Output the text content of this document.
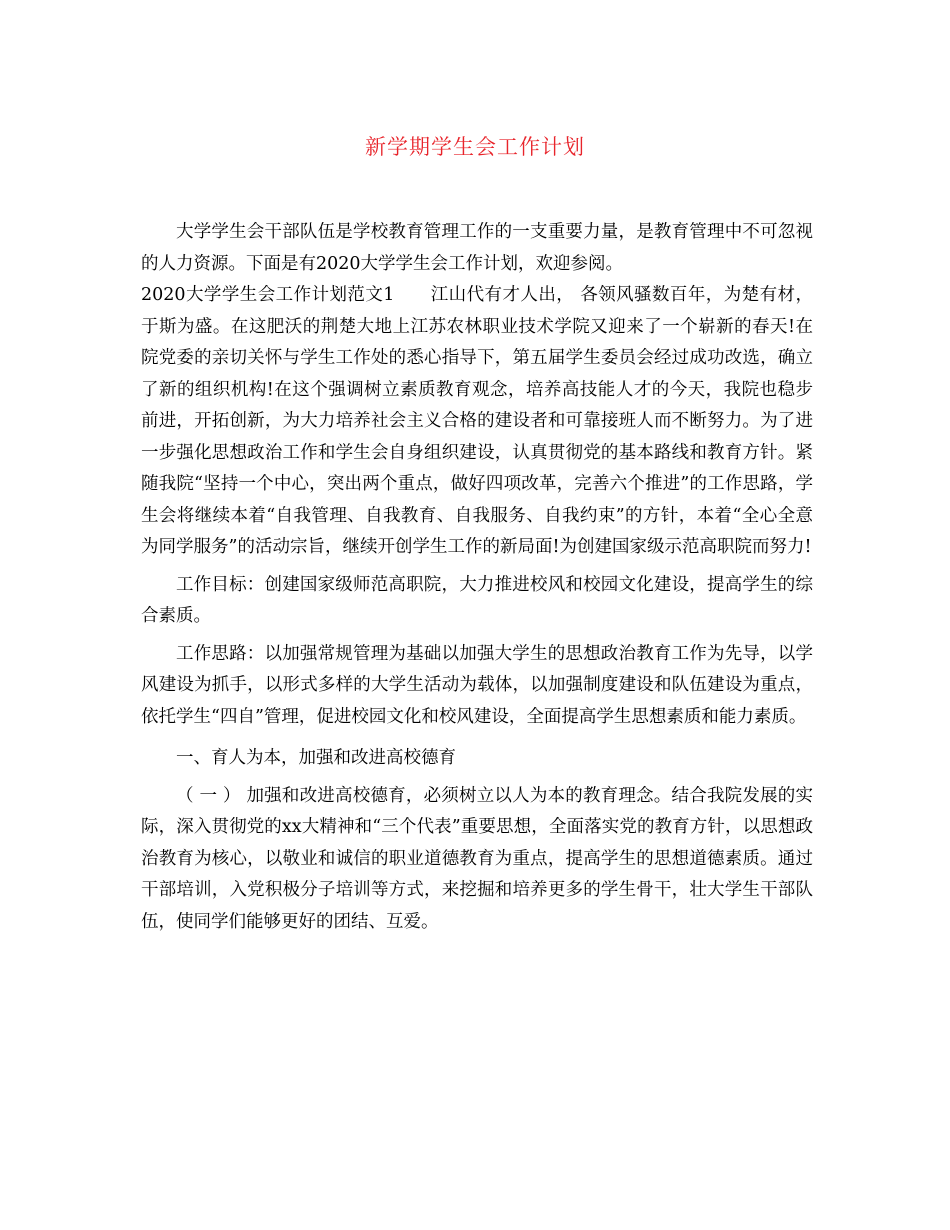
新学期学生会工作计划

大学学生会干部队伍是学校教育管理工作的一支重要力量，是教育管理中不可忽视的人力资源。下面是有2020大学学生会工作计划，欢迎参阅。

2020大学学生会工作计划范文1　　江山代有才人出， 各领风骚数百年，为楚有材，于斯为盛。在这肥沃的荆楚大地上江苏农林职业技术学院又迎来了一个崭新的春天!在院党委的亲切关怀与学生工作处的悉心指导下，第五届学生委员会经过成功改选，确立了新的组织机构!在这个强调树立素质教育观念，培养高技能人才的今天，我院也稳步前进，开拓创新，为大力培养社会主义合格的建设者和可靠接班人而不断努力。为了进一步强化思想政治工作和学生会自身组织建设，认真贯彻党的基本路线和教育方针。紧随我院“坚持一个中心，突出两个重点，做好四项改革，完善六个推进”的工作思路，学生会将继续本着“自我管理、自我教育、自我服务、自我约束”的方针，本着“全心全意为同学服务”的活动宗旨，继续开创学生工作的新局面!为创建国家级示范高职院而努力!

工作目标：创建国家级师范高职院，大力推进校风和校园文化建设，提高学生的综合素质。

工作思路：以加强常规管理为基础以加强大学生的思想政治教育工作为先导，以学风建设为抓手，以形式多样的大学生活动为载体，以加强制度建设和队伍建设为重点，依托学生“四自”管理，促进校园文化和校风建设，全面提高学生思想素质和能力素质。

一、育人为本，加强和改进高校德育

（ 一 ） 加强和改进高校德育，必须树立以人为本的教育理念。结合我院发展的实际，深入贯彻党的xx大精神和“三个代表”重要思想，全面落实党的教育方针，以思想政治教育为核心，以敬业和诚信的职业道德教育为重点，提高学生的思想道德素质。通过干部培训，入党积极分子培训等方式，来挖掘和培养更多的学生骨干，壮大学生干部队伍，使同学们能够更好的团结、互爱。
